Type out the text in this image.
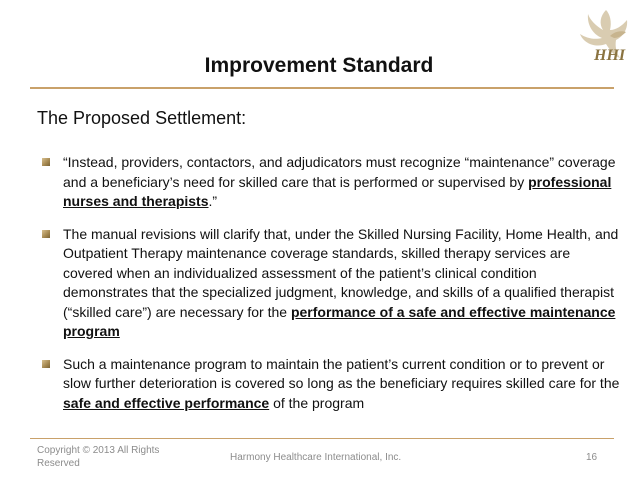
HHI
Improvement Standard
The Proposed Settlement:
“Instead, providers, contactors, and adjudicators must recognize “maintenance” coverage and a beneficiary’s need for skilled care that is performed or supervised by professional nurses and therapists.”
The manual revisions will clarify that, under the Skilled Nursing Facility, Home Health, and Outpatient Therapy maintenance coverage standards, skilled therapy services are covered when an individualized assessment of the patient’s clinical condition demonstrates that the specialized judgment, knowledge, and skills of a qualified therapist (“skilled care”) are necessary for the performance of a safe and effective maintenance program
Such a maintenance program to maintain the patient’s current condition or to prevent or slow further deterioration is covered so long as the beneficiary requires skilled care for the safe and effective performance of the program
Copyright © 2013 All Rights Reserved
Harmony Healthcare International, Inc.	16
